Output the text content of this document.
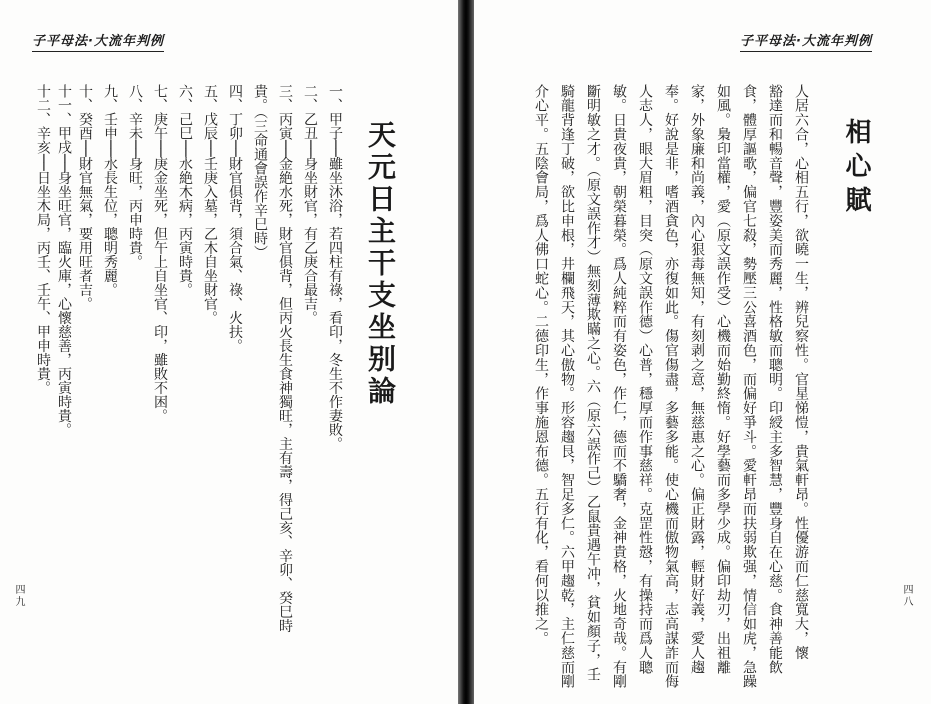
子平母法·大流年判例
天元日主干支坐别論
一、甲子──雖坐沐浴，若四柱有祿，看印，冬生不作妻敗。
二、乙丑──身坐財官，有乙庚合最吉。
三、丙寅──金絶水死，財官俱背，但丙火長生食神獨旺，主有壽，得己亥、辛卯、癸巳時
貴。（三命通會誤作辛巳時）
四、丁卯──財官俱背，須合氣、祿、火扶。
五、戊辰──壬庚入墓，乙木自坐財官。
六、己巳──水絶木病，丙寅時貴。
七、庚午──庚金坐死，但午上自坐官、印，雖敗不困。
八、辛未──身旺，丙申時貴。
九、壬申──水長生位，聰明秀麗。
十、癸酉──財官無氣，要用旺者吉。
十一、甲戌──身坐旺官，臨火庫，心懷慈善，丙寅時貴。
十二、辛亥──日坐木局，丙壬、壬午、甲申時貴。
四九
子平母法·大流年判例
相心賦
人居六合，心相五行，欲曉一生，辨兒察性。官星悌愷，貴氣軒昂。性優游而仁慈寬大，懷
豁達而和暢音聲，豐姿美而秀麗，性格敏而聰明。印綬主多智慧，豐身自在心慈。食神善能飲
食，體厚謳歌，偏官七殺，勢壓三公喜酒色，而偏好爭斗。愛軒昂而扶弱欺强，情信如虎，急躁
如風。梟印當權，愛（原文誤作受）心機而始勤終惰。好學藝而多學少成。偏印劫刃，出祖離
家，外象廉和尚義，內心狠毒無知，有刻剥之意，無慈惠之心。偏正財露，輕財好義，愛人趨
奉。好說是非，嗜酒貪色，亦復如此。傷官傷盡，多藝多能。使心機而傲物氣高，志高謀詐而侮
人志人，眼大眉粗，目突（原文誤作德）心普，穩厚而作事慈祥。克罡性慤，有操持而爲人聰
敏。日貴夜貴，朝榮暮榮。爲人純粹而有姿色，作仁，德而不驕奢，金神貴格，火地奇哉。有剛
斷明敏之才。（原文誤作才）無刻薄欺瞞之心。六（原六誤作己）乙鼠貴遇午冲，貧如顏子，壬
騎龍背逢丁破，欲比申根，井欄飛天，其心傲物。形容趨艮，智足多仁。六甲趨乾，主仁慈而剛
介心平。五陰會局，爲人佛口蛇心。二德印生，作事施恩布德。五行有化，看何以推之。	四八
